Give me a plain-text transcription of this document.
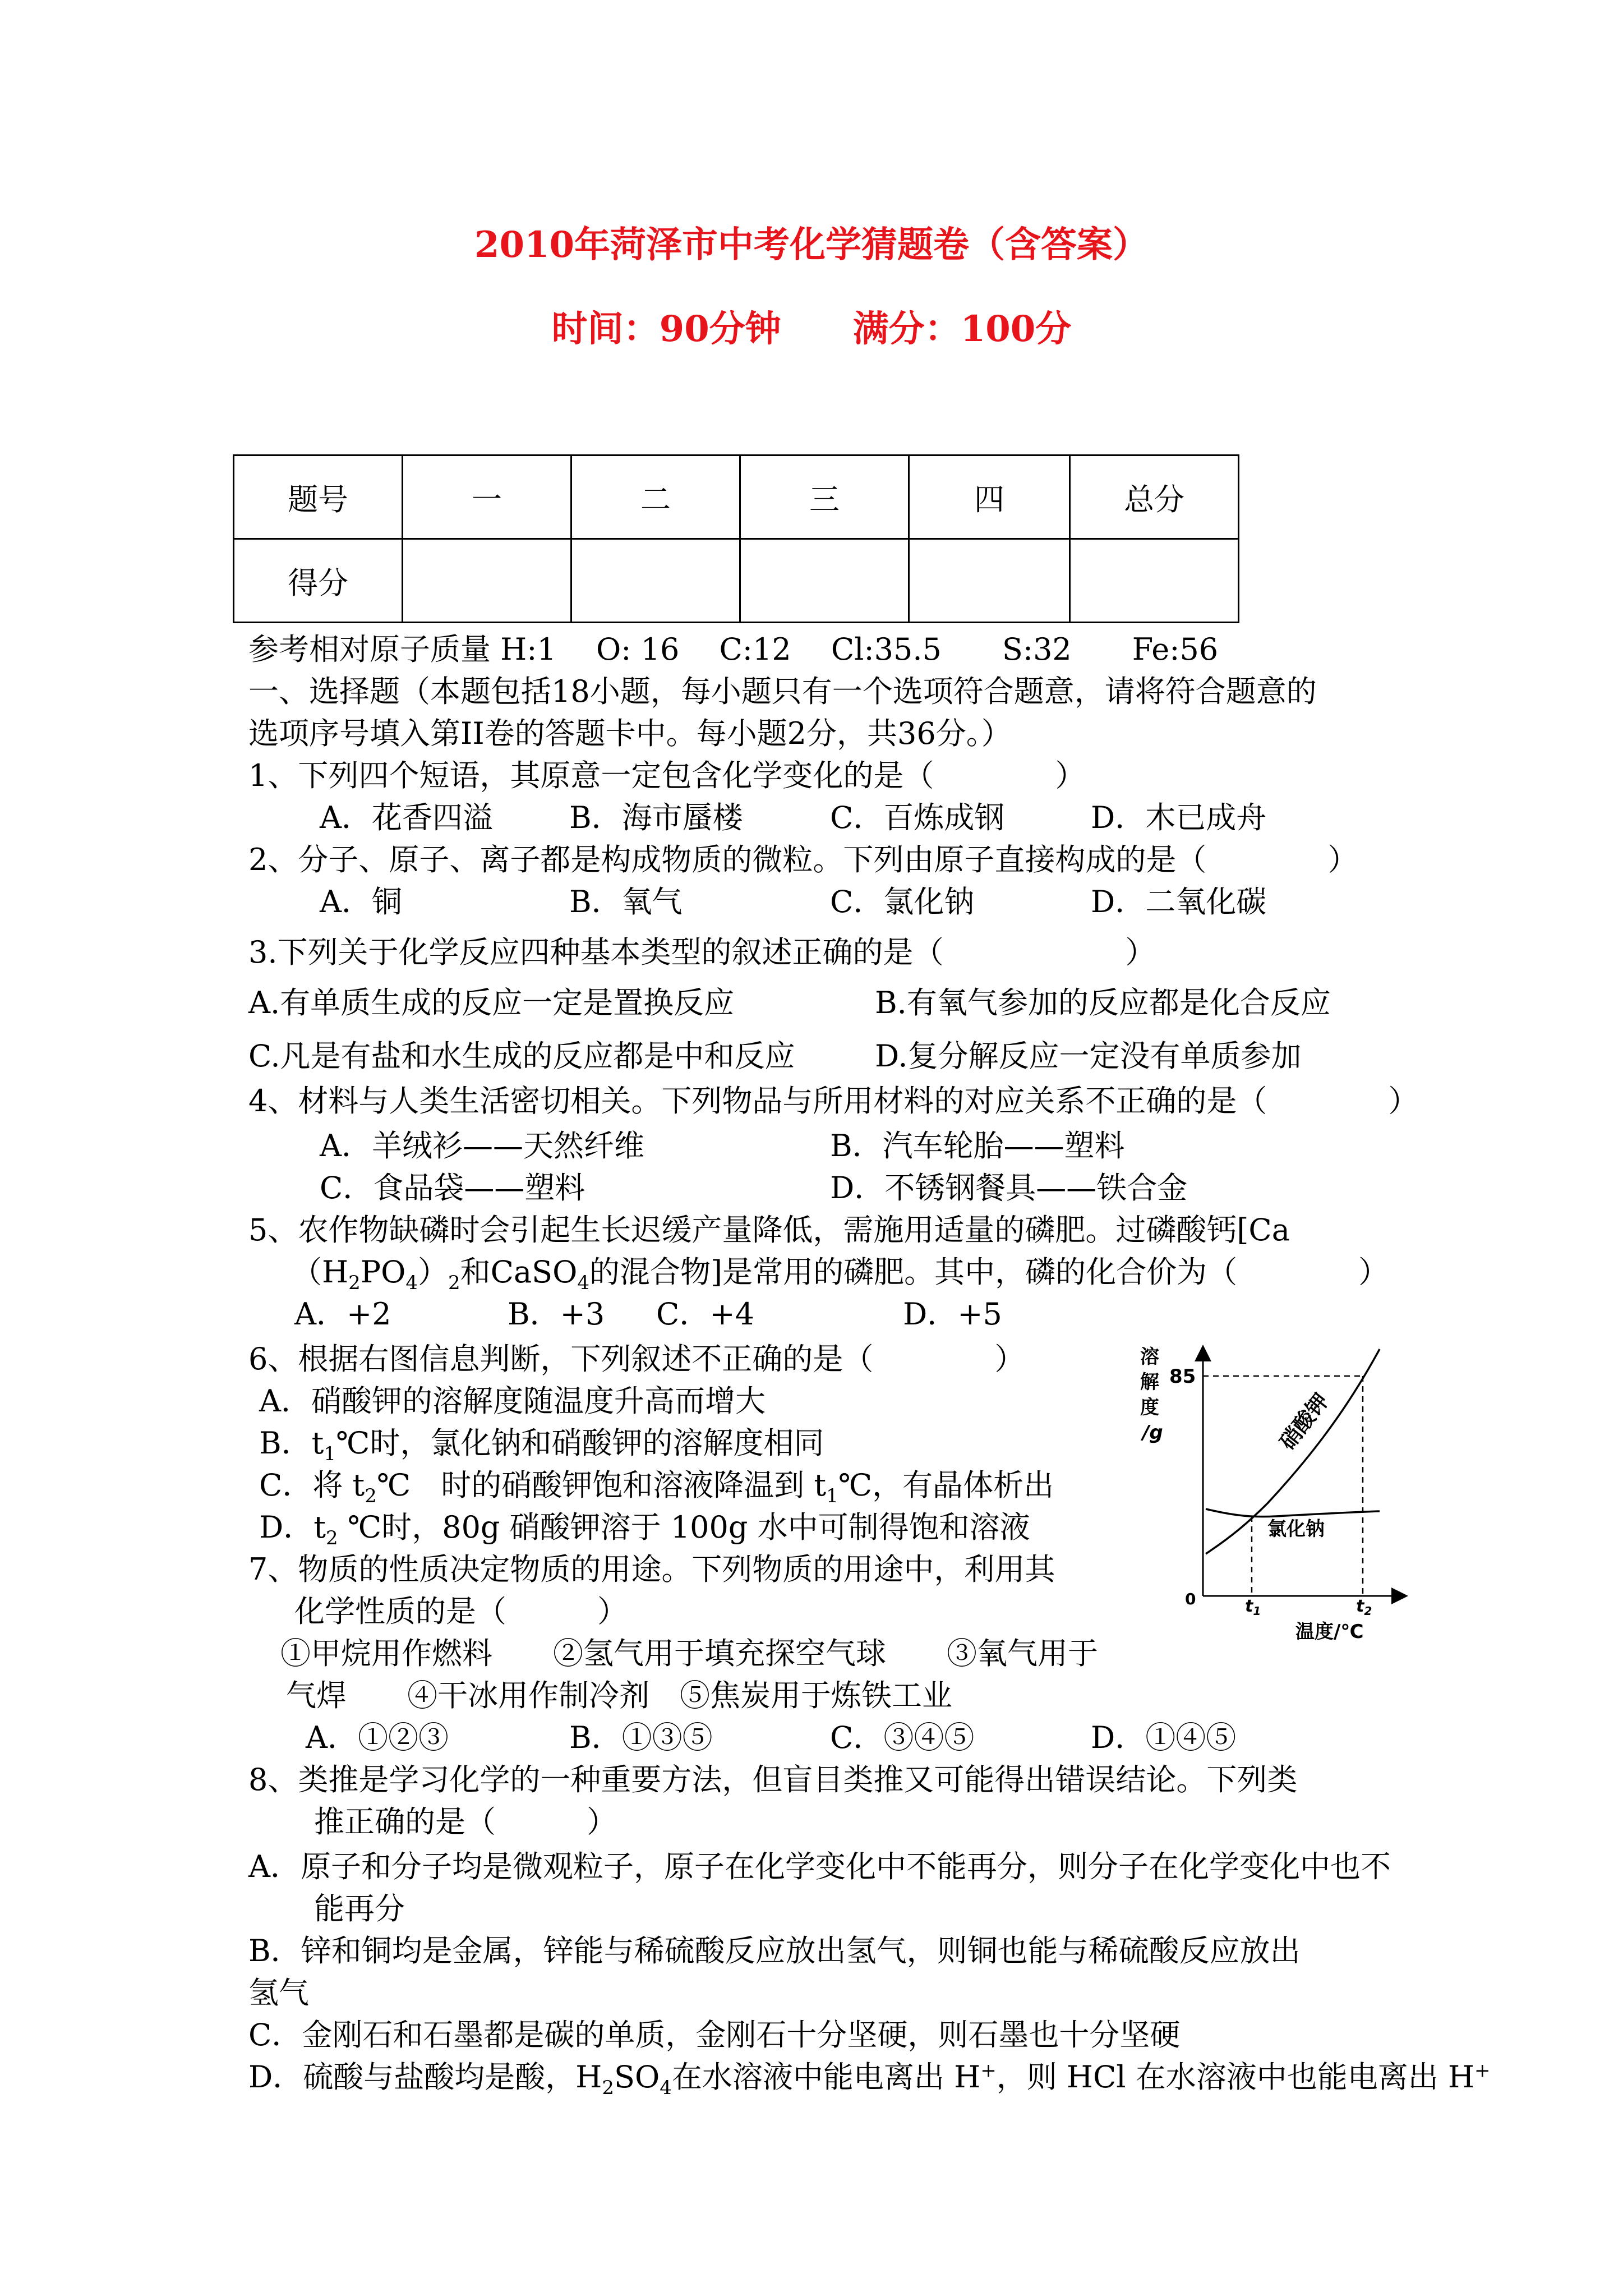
2010年菏泽市中考化学猜题卷（含答案）
时间：90分钟　　满分：100分
题号	一	二	三	四	总分
得分					
参考相对原子质量 H:1　 O: 16　 C:12　 Cl:35.5　　S:32　　Fe:56
一、选择题（本题包括18小题，每小题只有一个选项符合题意，请将符合题意的
选项序号填入第II卷的答题卡中。每小题2分，共36分。）
1、下列四个短语，其原意一定包含化学变化的是（　　　　）
A．花香四溢	B．海市蜃楼	C．百炼成钢	D．木已成舟
2、分子、原子、离子都是构成物质的微粒。下列由原子直接构成的是（　　　　）
A．铜	B．氧气	C．氯化钠	D．二氧化碳
3.下列关于化学反应四种基本类型的叙述正确的是（　　　　　　）
A.有单质生成的反应一定是置换反应	B.有氧气参加的反应都是化合反应
C.凡是有盐和水生成的反应都是中和反应	D.复分解反应一定没有单质参加
4、材料与人类生活密切相关。下列物品与所用材料的对应关系不正确的是（　　　　）
A．羊绒衫——天然纤维	B．汽车轮胎——塑料
C．食品袋——塑料	D．不锈钢餐具——铁合金
5、农作物缺磷时会引起生长迟缓产量降低，需施用适量的磷肥。过磷酸钙[Ca
$(H_2PO_4)_2$和CaSO$_4$的混合物]是常用的磷肥。其中，磷的化合价为（　　　　）
A．+2	B．+3 C．+4	D．+5
6、根据右图信息判断，下列叙述不正确的是（　　　　）
A．硝酸钾的溶解度随温度升高而增大
B．$t_1℃$时，氯化钠和硝酸钾的溶解度相同
C．将 $t_2℃$　时的硝酸钾饱和溶液降温到 $t_1℃$，有晶体析出
D．$t_2$ ℃时，80g 硝酸钾溶于 100g 水中可制得饱和溶液
溶
解
度
/g
85
硝酸钾
氯化钠
0	$t_1$	$t_2$
温度/℃
7、物质的性质决定物质的用途。下列物质的用途中，利用其
化学性质的是（　　　）
①甲烷用作燃料　　②氢气用于填充探空气球　　③氧气用于
气焊　　④干冰用作制冷剂　⑤焦炭用于炼铁工业
A．①②③	B．①③⑤	C．③④⑤	D．①④⑤
8、类推是学习化学的一种重要方法，但盲目类推又可能得出错误结论。下列类
推正确的是（　　　）
A．原子和分子均是微观粒子，原子在化学变化中不能再分，则分子在化学变化中也不
能再分
B．锌和铜均是金属，锌能与稀硫酸反应放出氢气，则铜也能与稀硫酸反应放出
氢气
C．金刚石和石墨都是碳的单质，金刚石十分坚硬，则石墨也十分坚硬
D．硫酸与盐酸均是酸，$H_2SO_4$在水溶液中能电离出 H+，则 HCl 在水溶液中也能电离出 H+
